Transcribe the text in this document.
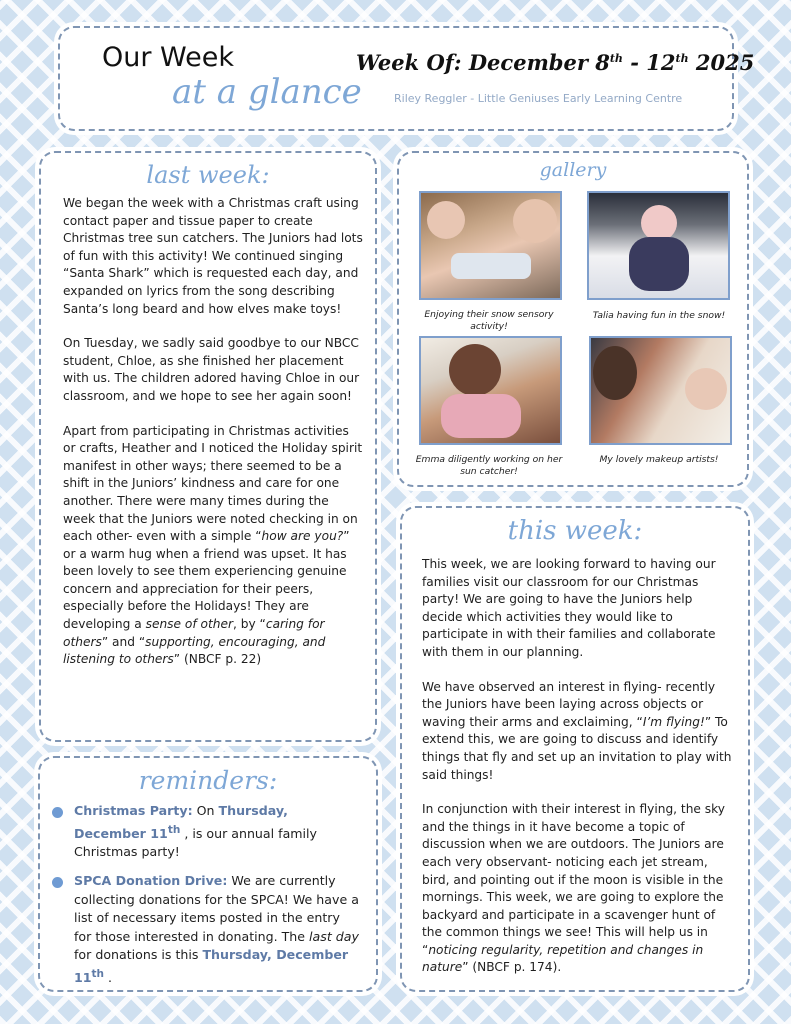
Our Week
at a glance
Week Of: December 8th - 12th 2025
Riley Reggler - Little Geniuses Early Learning Centre
last week:

We began the week with a Christmas craft using contact paper and tissue paper to create Christmas tree sun catchers. The Juniors had lots of fun with this activity! We continued singing “Santa Shark” which is requested each day, and expanded on lyrics from the song describing Santa’s long beard and how elves make toys!

On Tuesday, we sadly said goodbye to our NBCC student, Chloe, as she finished her placement with us. The children adored having Chloe in our classroom, and we hope to see her again soon!

Apart from participating in Christmas activities or crafts, Heather and I noticed the Holiday spirit manifest in other ways; there seemed to be a shift in the Juniors’ kindness and care for one another. There were many times during the week that the Juniors were noted checking in on each other- even with a simple “how are you?” or a warm hug when a friend was upset. It has been lovely to see them experiencing genuine concern and appreciation for their peers, especially before the Holidays! They are developing a sense of other, by “caring for others” and “supporting, encouraging, and listening to others” (NBCF p. 22)

gallery
Enjoying their snow sensory activity!
Talia having fun in the snow!
Emma diligently working on her sun catcher!
My lovely makeup artists!
this week:

This week, we are looking forward to having our families visit our classroom for our Christmas party! We are going to have the Juniors help decide which activities they would like to participate in with their families and collaborate with them in our planning.

We have observed an interest in flying- recently the Juniors have been laying across objects or waving their arms and exclaiming, “I’m flying!” To extend this, we are going to discuss and identify things that fly and set up an invitation to play with said things!

In conjunction with their interest in flying, the sky and the things in it have become a topic of discussion when we are outdoors. The Juniors are each very observant- noticing each jet stream, bird, and pointing out if the moon is visible in the mornings. This week, we are going to explore the backyard and participate in a scavenger hunt of the common things we see! This will help us in “noticing regularity, repetition and changes in nature” (NBCF p. 174).

reminders:
Christmas Party: On Thursday, December 11th , is our annual family Christmas party!
SPCA Donation Drive: We are currently collecting donations for the SPCA! We have a list of necessary items posted in the entry for those interested in donating. The last day for donations is this Thursday, December 11th .
